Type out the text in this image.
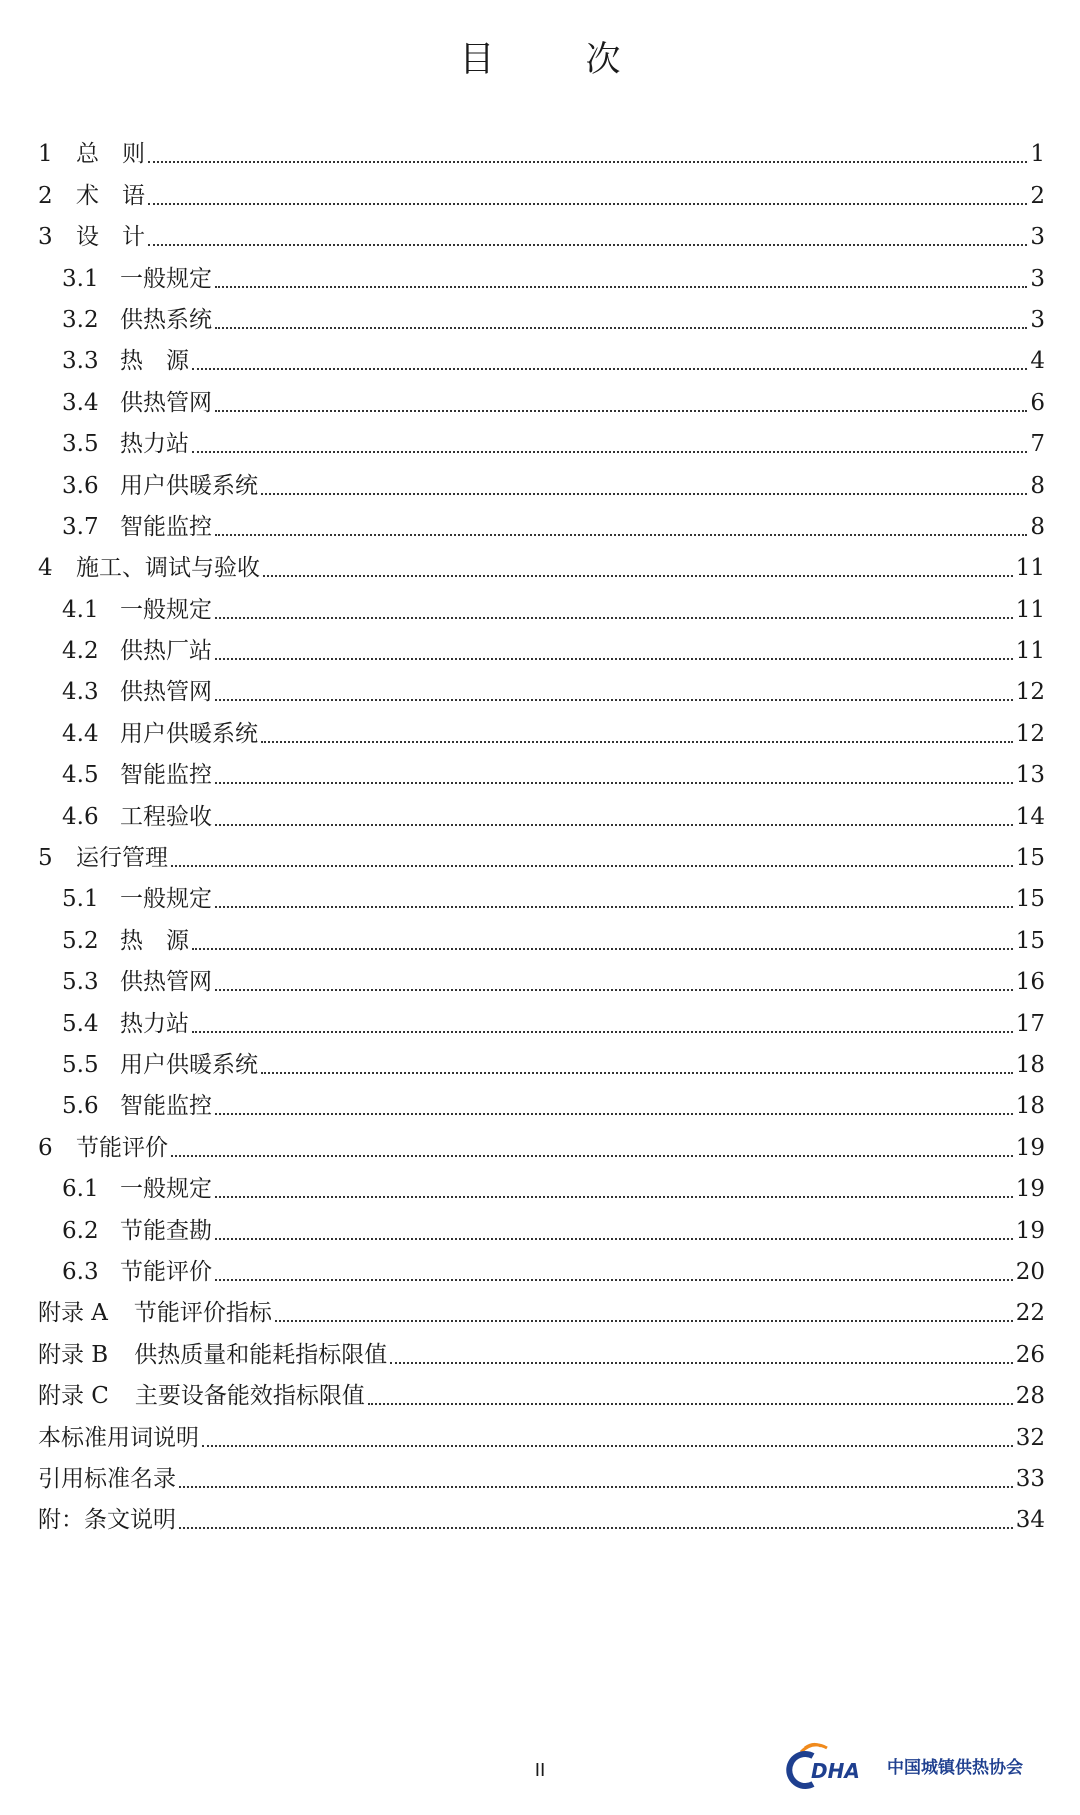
目 次
1	总　则	1
2	术　语	2
3	设　计	3
3.1 一般规定	3
3.2 供热系统	3
3.3 热　源	4
3.4 供热管网	6
3.5 热力站	7
3.6 用户供暖系统	8
3.7 智能监控	8
4	施工、调试与验收	11
4.1 一般规定	11
4.2 供热厂站	11
4.3 供热管网	12
4.4 用户供暖系统	12
4.5 智能监控	13
4.6 工程验收	14
5	运行管理	15
5.1 一般规定	15
5.2 热　源	15
5.3 供热管网	16
5.4 热力站	17
5.5 用户供暖系统	18
5.6 智能监控	18
6	节能评价	19
6.1 一般规定	19
6.2 节能查勘	19
6.3 节能评价	20
附录 A 节能评价指标	22
附录 B 供热质量和能耗指标限值	26
附录 C 主要设备能效指标限值	28
本标准用词说明	32
引用标准名录	33
附：条文说明	34
II	DHA 中国城镇供热协会
